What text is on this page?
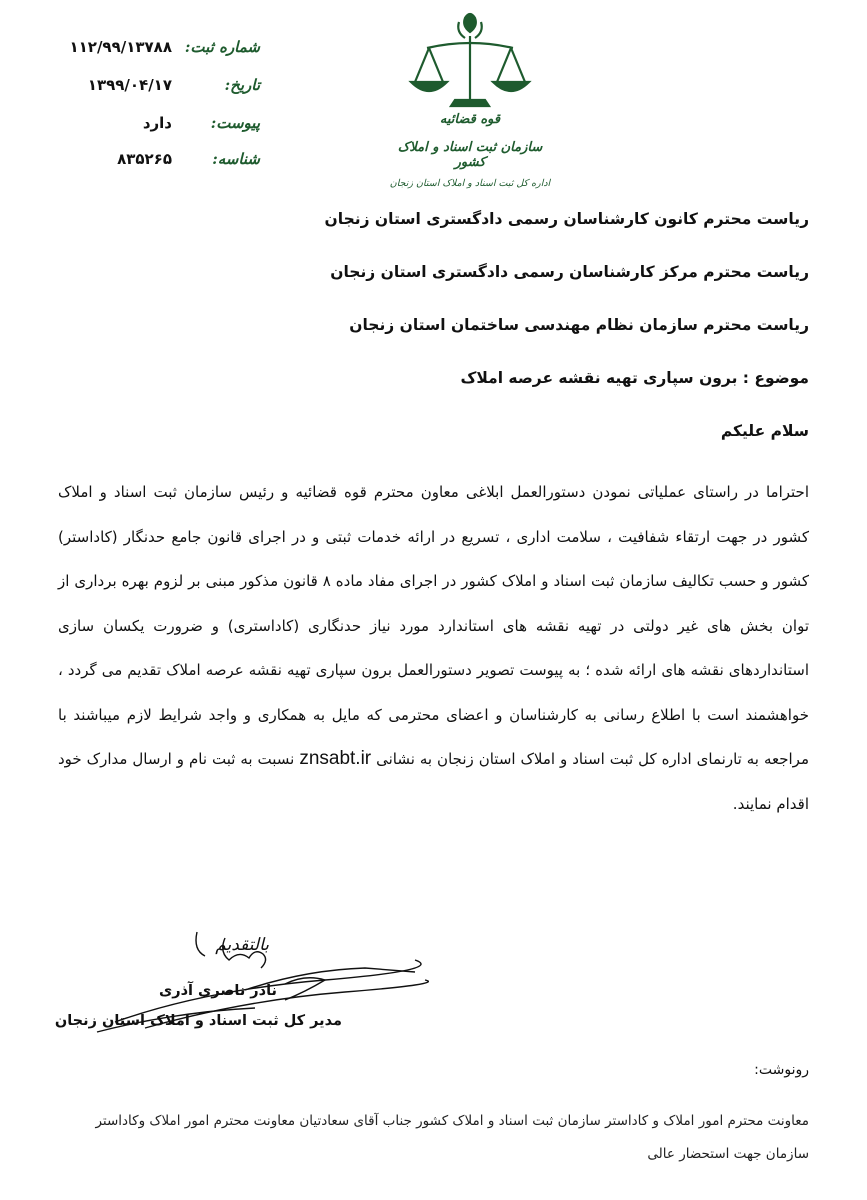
شماره ثبت:
۱۱۲/۹۹/۱۳۷۸۸
تاریخ:
۱۳۹۹/۰۴/۱۷
پیوست:
دارد
شناسه:
۸۳۵۲۶۵
قوه قضائیه
سازمان ثبت اسناد و املاک کشور
اداره کل ثبت اسناد و املاک استان زنجان
ریاست محترم کانون کارشناسان رسمی دادگستری استان زنجان
ریاست محترم مرکز کارشناسان رسمی دادگستری استان زنجان
ریاست محترم سازمان نظام مهندسی ساختمان استان زنجان
موضوع : برون سپاری تهیه نقشه عرصه املاک
سلام علیکم
احتراما در راستای عملیاتی نمودن دستورالعمل ابلاغی معاون محترم قوه قضائیه و رئیس سازمان ثبت اسناد و املاک کشور در جهت ارتقاء شفافیت ، سلامت اداری ، تسریع در ارائه خدمات ثبتی و در اجرای قانون جامع حدنگار (کاداستر) کشور و حسب تکالیف سازمان ثبت اسناد و املاک کشور در اجرای مفاد ماده ۸ قانون مذکور مبنی بر لزوم بهره برداری از توان بخش های غیر دولتی در تهیه نقشه های استاندارد مورد نیاز حدنگاری (کاداستری) و ضرورت یکسان سازی استانداردهای نقشه های ارائه شده ؛ به پیوست تصویر دستورالعمل برون سپاری تهیه نقشه عرصه املاک تقدیم می گردد ، خواهشمند است با اطلاع رسانی به کارشناسان و اعضای محترمی که مایل به همکاری و واجد شرایط لازم میباشند با مراجعه به تارنمای اداره کل ثبت اسناد و املاک استان زنجان به نشانی znsabt.ir نسبت به ثبت نام و ارسال مدارک خود اقدام نمایند.
بالتقدیم
نادر ناصری آذری
مدیر کل ثبت اسناد و املاک استان زنجان
رونوشت:
معاونت محترم امور املاک و کاداستر سازمان ثبت اسناد و املاک کشور جناب آقای سعادتیان معاونت محترم امور املاک وکاداستر سازمان جهت استحضار عالی
